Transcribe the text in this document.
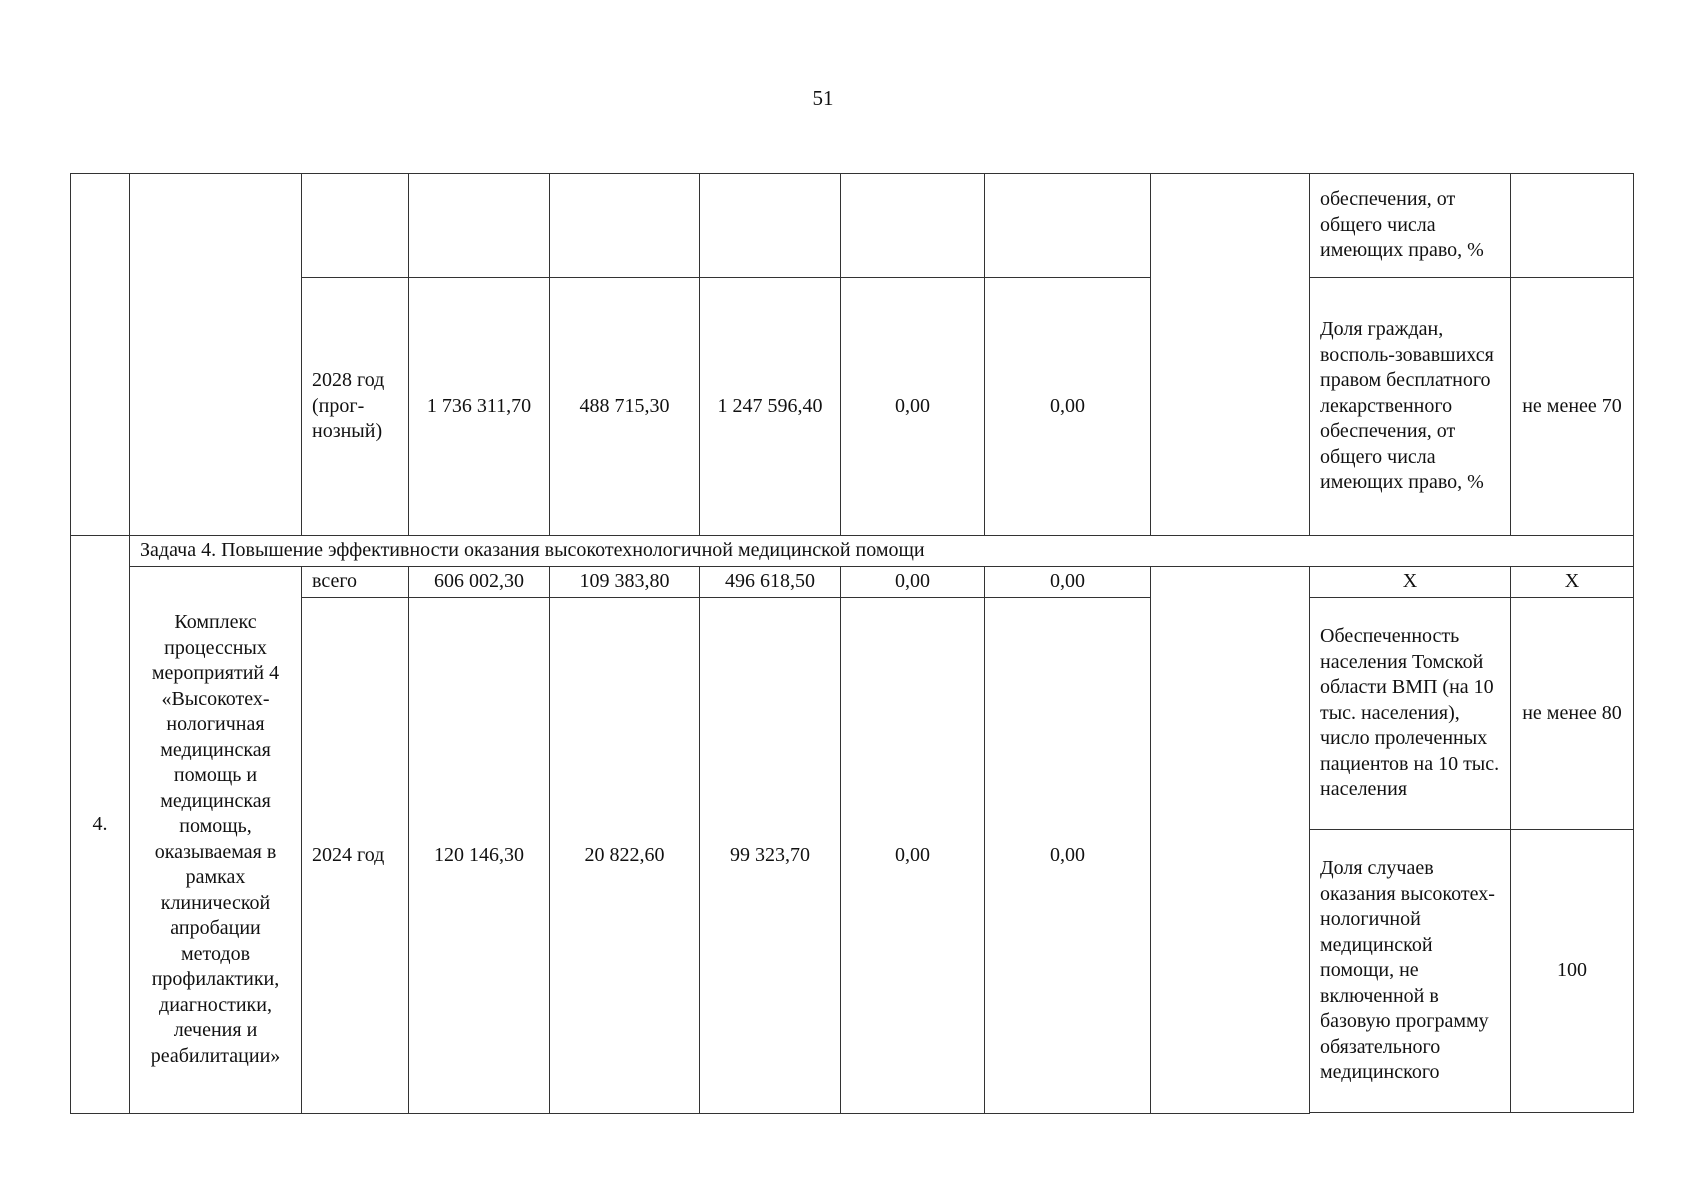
51
									обеспечения, от общего числа имеющих право, %	
		2028 год (прог-нозный)	1 736 311,70	488 715,30	1 247 596,40	0,00	0,00		Доля граждан, восполь-зовавшихся правом бесплатного лекарственного обеспечения, от общего числа имеющих право, %	не менее 70
4.	Задача 4. Повышение эффективности оказания высокотехнологичной медицинской помощи									
	Комплекс процессных мероприятий 4 «Высокотех-нологичная медицинская помощь и медицинская помощь, оказываемая в рамках клинической апробации методов профилактики, диагностики, лечения и реабилитации»	всего	606 002,30	109 383,80	496 618,50	0,00	0,00		X	X
		2024 год	120 146,30	20 822,60	99 323,70	0,00	0,00		Обеспеченность населения Томской области ВМП (на 10 тыс. населения), число пролеченных пациентов на 10 тыс. населения	не менее 80
									Доля случаев оказания высокотех-нологичной медицинской помощи, не включенной в базовую программу обязательного медицинского	100
